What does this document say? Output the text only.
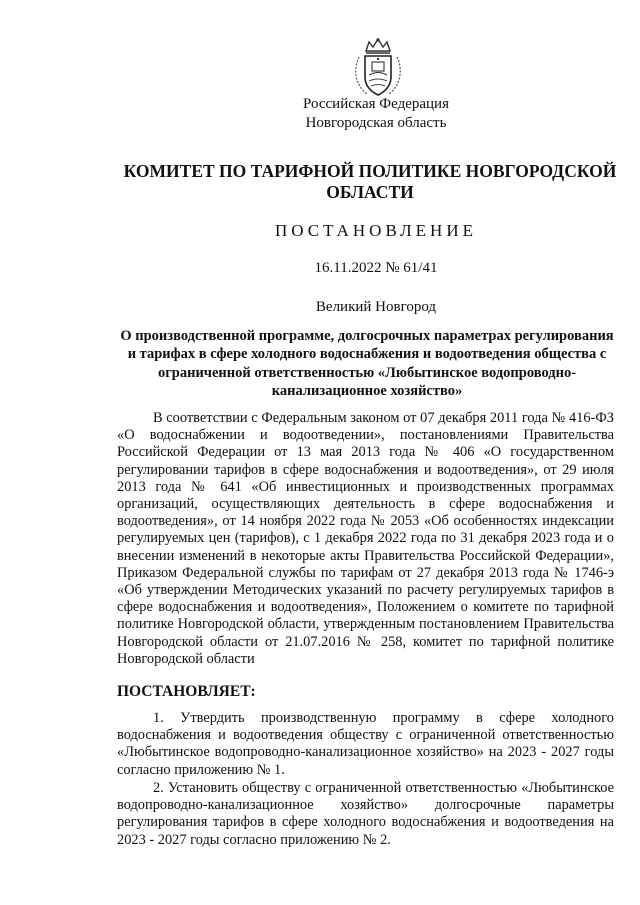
Российская Федерация
Новгородская область
КОМИТЕТ ПО ТАРИФНОЙ ПОЛИТИКЕ НОВГОРОДСКОЙ ОБЛАСТИ
ПОСТАНОВЛЕНИЕ
16.11.2022 № 61/41
Великий Новгород
О производственной программе, долгосрочных параметрах регулирования и тарифах в сфере холодного водоснабжения и водоотведения общества с ограниченной ответственностью «Любытинское водопроводно-канализационное хозяйство»
В соответствии с Федеральным законом от 07 декабря 2011 года № 416-ФЗ «О водоснабжении и водоотведении», постановлениями Правительства Российской Федерации от 13 мая 2013 года № 406 «О государственном регулировании тарифов в сфере водоснабжения и водоотведения», от 29 июля 2013 года № 641 «Об инвестиционных и производственных программах организаций, осуществляющих деятельность в сфере водоснабжения и водоотведения», от 14 ноября 2022 года № 2053 «Об особенностях индексации регулируемых цен (тарифов), с 1 декабря 2022 года по 31 декабря 2023 года и о внесении изменений в некоторые акты Правительства Российской Федерации», Приказом Федеральной службы по тарифам от 27 декабря 2013 года № 1746-э «Об утверждении Методических указаний по расчету регулируемых тарифов в сфере водоснабжения и водоотведения», Положением о комитете по тарифной политике Новгородской области, утвержденным постановлением Правительства Новгородской области от 21.07.2016 № 258, комитет по тарифной политике Новгородской области
ПОСТАНОВЛЯЕТ:
1. Утвердить производственную программу в сфере холодного водоснабжения и водоотведения обществу с ограниченной ответственностью «Любытинское водопроводно-канализационное хозяйство» на 2023 - 2027 годы согласно приложению № 1.
2. Установить обществу с ограниченной ответственностью «Любытинское водопроводно-канализационное хозяйство» долгосрочные параметры регулирования тарифов в сфере холодного водоснабжения и водоотведения на 2023 - 2027 годы согласно приложению № 2.
